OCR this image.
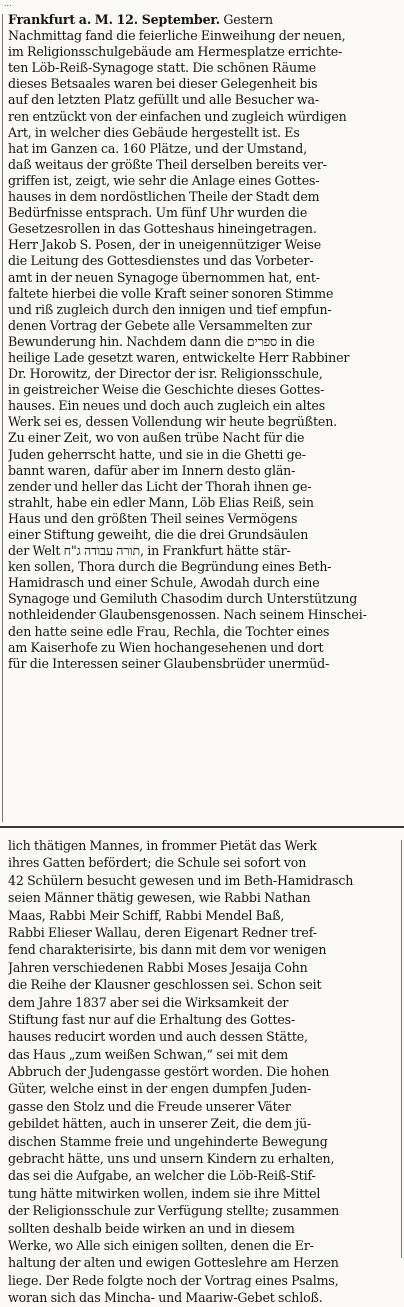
...

Frankfurt a. M. 12. September. Gestern

Nachmittag fand die feierliche Einweihung der neuen,

im Religionsschulgebäude am Hermesplatze errichte-

ten Löb-Reiß-Synagoge statt. Die schönen Räume

dieses Betsaales waren bei dieser Gelegenheit bis

auf den letzten Platz gefüllt und alle Besucher wa-

ren entzückt von der einfachen und zugleich würdigen

Art, in welcher dies Gebäude hergestellt ist. Es

hat im Ganzen ca. 160 Plätze, und der Umstand,

daß weitaus der größte Theil derselben bereits ver-

griffen ist, zeigt, wie sehr die Anlage eines Gottes-

hauses in dem nordöstlichen Theile der Stadt dem

Bedürfnisse entsprach. Um fünf Uhr wurden die

Gesetzesrollen in das Gotteshaus hineingetragen.

Herr Jakob S. Posen, der in uneigennütziger Weise

die Leitung des Gottesdienstes und das Vorbeter-

amt in der neuen Synagoge übernommen hat, ent-

faltete hierbei die volle Kraft seiner sonoren Stimme

und riß zugleich durch den innigen und tief empfun-

denen Vortrag der Gebete alle Versammelten zur

Bewunderung hin. Nachdem dann die ספרים in die

heilige Lade gesetzt waren, entwickelte Herr Rabbiner

Dr. Horowitz, der Director der isr. Religionsschule,

in geistreicher Weise die Geschichte dieses Gottes-

hauses. Ein neues und doch auch zugleich ein altes

Werk sei es, dessen Vollendung wir heute begrüßten.

Zu einer Zeit, wo von außen trübe Nacht für die

Juden geherrscht hatte, und sie in die Ghetti ge-

bannt waren, dafür aber im Innern desto glän-

zender und heller das Licht der Thorah ihnen ge-

strahlt, habe ein edler Mann, Löb Elias Reiß, sein

Haus und den größten Theil seines Vermögens

einer Stiftung geweiht, die die drei Grundsäulen

der Welt תורה עבודה ג"ח, in Frankfurt hätte stär-

ken sollen, Thora durch die Begründung eines Beth-

Hamidrasch und einer Schule, Awodah durch eine

Synagoge und Gemiluth Chasodim durch Unterstützung

nothleidender Glaubensgenossen. Nach seinem Hinschei-

den hatte seine edle Frau, Rechla, die Tochter eines

am Kaiserhofe zu Wien hochangesehenen und dort

für die Interessen seiner Glaubensbrüder unermüd-

lich thätigen Mannes, in frommer Pietät das Werk

ihres Gatten befördert; die Schule sei sofort von

42 Schülern besucht gewesen und im Beth-Hamidrasch

seien Männer thätig gewesen, wie Rabbi Nathan

Maas, Rabbi Meir Schiff, Rabbi Mendel Baß,

Rabbi Elieser Wallau, deren Eigenart Redner tref-

fend charakterisirte, bis dann mit dem vor wenigen

Jahren verschiedenen Rabbi Moses Jesaija Cohn

die Reihe der Klausner geschlossen sei. Schon seit

dem Jahre 1837 aber sei die Wirksamkeit der

Stiftung fast nur auf die Erhaltung des Gottes-

hauses reducirt worden und auch dessen Stätte,

das Haus „zum weißen Schwan,“ sei mit dem

Abbruch der Judengasse gestört worden. Die hohen

Güter, welche einst in der engen dumpfen Juden-

gasse den Stolz und die Freude unserer Väter

gebildet hätten, auch in unserer Zeit, die dem jü-

dischen Stamme freie und ungehinderte Bewegung

gebracht hätte, uns und unsern Kindern zu erhalten,

das sei die Aufgabe, an welcher die Löb-Reiß-Stif-

tung hätte mitwirken wollen, indem sie ihre Mittel

der Religionsschule zur Verfügung stellte; zusammen

sollten deshalb beide wirken an und in diesem

Werke, wo Alle sich einigen sollten, denen die Er-

haltung der alten und ewigen Gotteslehre am Herzen

liege. Der Rede folgte noch der Vortrag eines Psalms,

woran sich das Mincha- und Maariw-Gebet schloß.
